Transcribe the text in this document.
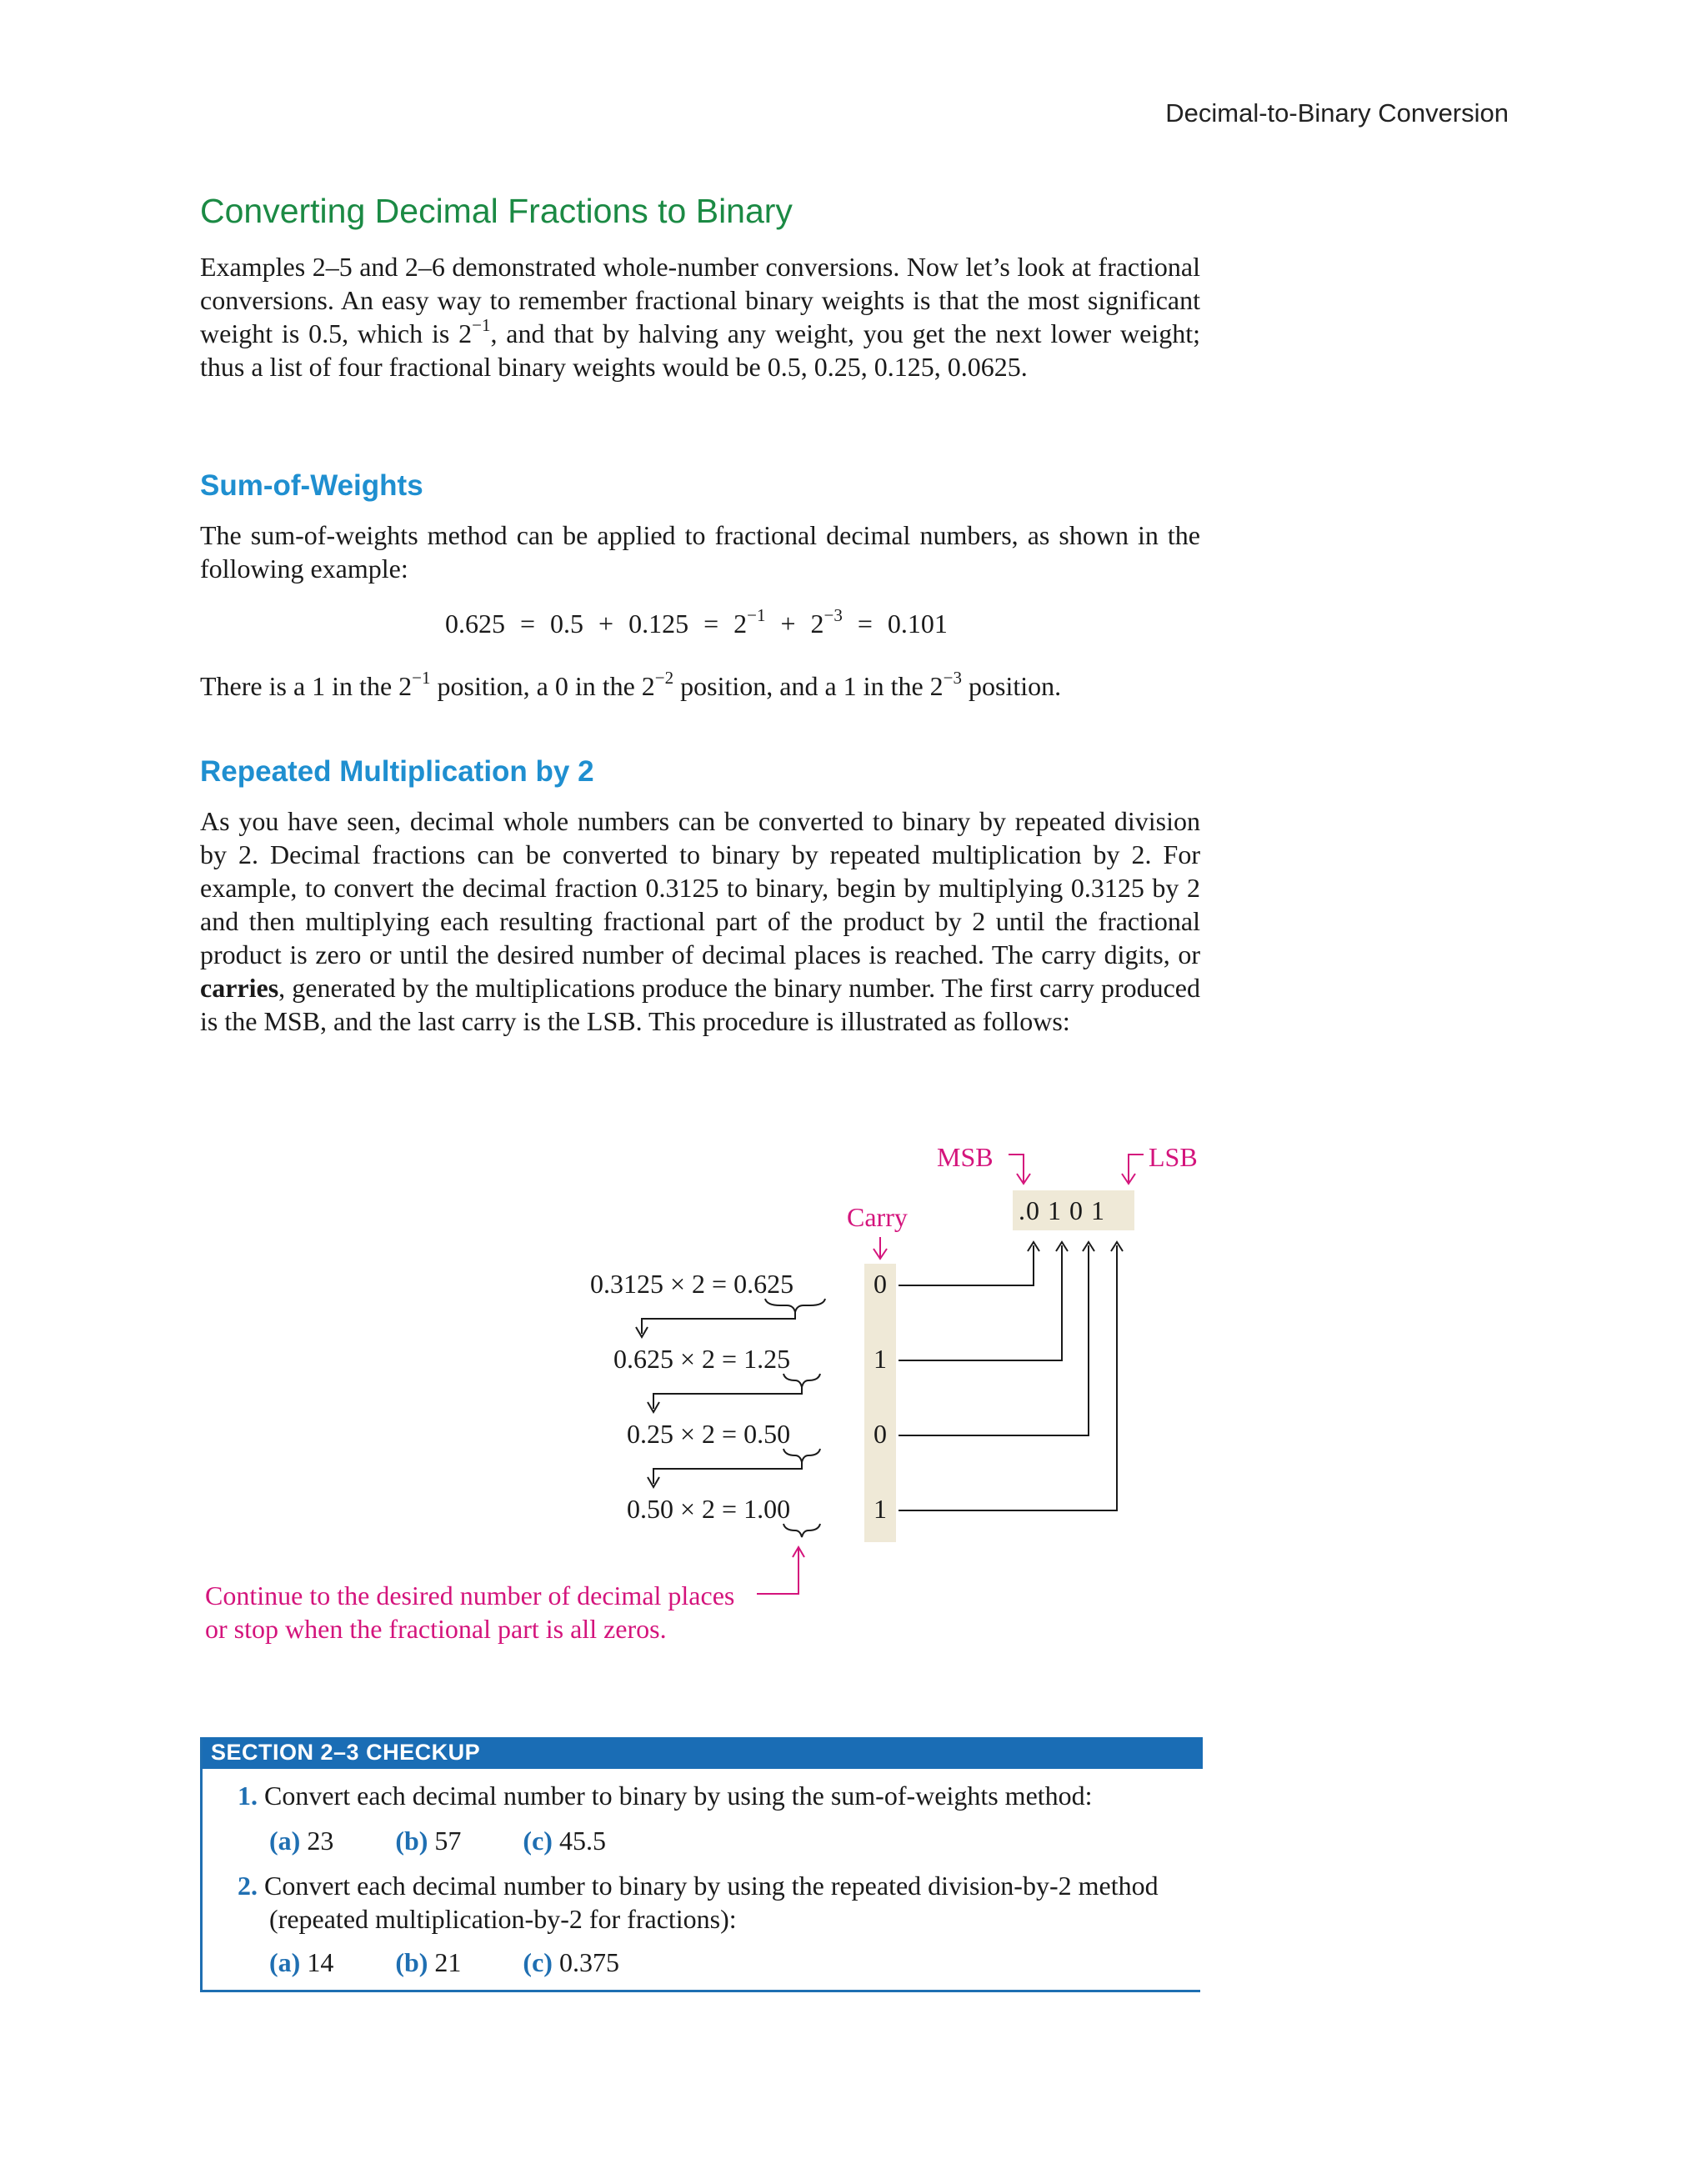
Decimal-to-Binary Conversion
Converting Decimal Fractions to Binary

Examples 2–5 and 2–6 demonstrated whole-number conversions. Now let’s look at fractional conversions. An easy way to remember fractional binary weights is that the most significant weight is 0.5, which is $2^{-1}$, and that by halving any weight, you get the next lower weight; thus a list of four fractional binary weights would be 0.5, 0.25, 0.125, 0.0625.

Sum-of-Weights

The sum-of-weights method can be applied to fractional decimal numbers, as shown in the following example:

$0.625 = 0.5 + 0.125 = 2^{-1} + 2^{-3} = 0.101$

There is a 1 in the $2^{-1}$ position, a 0 in the $2^{-2}$ position, and a 1 in the $2^{-3}$ position.

Repeated Multiplication by 2

As you have seen, decimal whole numbers can be converted to binary by repeated division by 2. Decimal fractions can be converted to binary by repeated multiplication by 2. For example, to convert the decimal fraction 0.3125 to binary, begin by multiplying 0.3125 by 2 and then multiplying each resulting fractional part of the product by 2 until the fractional product is zero or until the desired number of decimal places is reached. The carry digits, or carries, generated by the multiplications produce the binary number. The first carry produced is the MSB, and the last carry is the LSB. This procedure is illustrated as follows:

MSB	LSB
Carry	.0 1 0 1
0.3125 × 2 = 0.625	0
0.625 × 2 = 1.25	1
0.25 × 2 = 0.50	0
0.50 × 2 = 1.00	1
Continue to the desired number of decimal places
or stop when the fractional part is all zeros.
SECTION 2–3 CHECKUP
1. Convert each decimal number to binary by using the sum-of-weights method:
(a) 23 (b) 57 (c) 45.5
2. Convert each decimal number to binary by using the repeated division-by-2 method
(repeated multiplication-by-2 for fractions):
(a) 14 (b) 21 (c) 0.375
